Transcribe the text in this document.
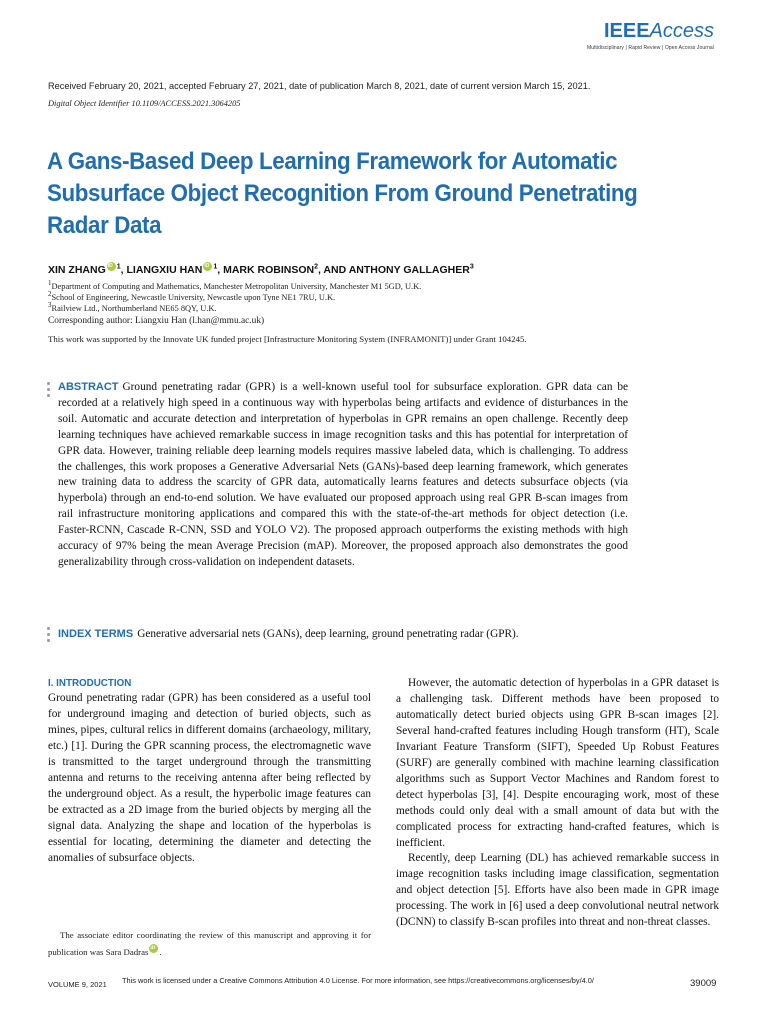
IEEEAccess
Multidisciplinary | Rapid Review | Open Access Journal
Received February 20, 2021, accepted February 27, 2021, date of publication March 8, 2021, date of current version March 15, 2021.
Digital Object Identifier 10.1109/ACCESS.2021.3064205
A Gans-Based Deep Learning Framework for Automatic Subsurface Object Recognition From Ground Penetrating Radar Data
XIN ZHANG iD $^1$, LIANGXIU HAN iD $^1$, MARK ROBINSON$^2$, AND ANTHONY GALLAGHER$^3$
$^1$Department of Computing and Mathematics, Manchester Metropolitan University, Manchester M1 5GD, U.K.
$^2$School of Engineering, Newcastle University, Newcastle upon Tyne NE1 7RU, U.K.
$^3$Railview Ltd., Northumberland NE65 8QY, U.K.
Corresponding author: Liangxiu Han (l.han@mmu.ac.uk)
This work was supported by the Innovate UK funded project [Infrastructure Monitoring System (INFRAMONIT)] under Grant 104245.
ABSTRACT Ground penetrating radar (GPR) is a well-known useful tool for subsurface exploration. GPR data can be recorded at a relatively high speed in a continuous way with hyperbolas being artifacts and evidence of disturbances in the soil. Automatic and accurate detection and interpretation of hyperbolas in GPR remains an open challenge. Recently deep learning techniques have achieved remarkable success in image recognition tasks and this has potential for interpretation of GPR data. However, training reliable deep learning models requires massive labeled data, which is challenging. To address the challenges, this work proposes a Generative Adversarial Nets (GANs)-based deep learning framework, which generates new training data to address the scarcity of GPR data, automatically learns features and detects subsurface objects (via hyperbola) through an end-to-end solution. We have evaluated our proposed approach using real GPR B-scan images from rail infrastructure monitoring applications and compared this with the state-of-the-art methods for object detection (i.e. Faster-RCNN, Cascade R-CNN, SSD and YOLO V2). The proposed approach outperforms the existing methods with high accuracy of 97% being the mean Average Precision (mAP). Moreover, the proposed approach also demonstrates the good generalizability through cross-validation on independent datasets.
INDEX TERMS Generative adversarial nets (GANs), deep learning, ground penetrating radar (GPR).
I. INTRODUCTION

Ground penetrating radar (GPR) has been considered as a useful tool for underground imaging and detection of buried objects, such as mines, pipes, cultural relics in different domains (archaeology, military, etc.) [1]. During the GPR scanning process, the electromagnetic wave is transmitted to the target underground through the transmitting antenna and returns to the receiving antenna after being reflected by the underground object. As a result, the hyperbolic image features can be extracted as a 2D image from the buried objects by merging all the signal data. Analyzing the shape and location of the hyperbolas is essential for locating, determining the diameter and detecting the anomalies of subsurface objects.

However, the automatic detection of hyperbolas in a GPR dataset is a challenging task. Different methods have been proposed to automatically detect buried objects using GPR B-scan images [2]. Several hand-crafted features including Hough transform (HT), Scale Invariant Feature Transform (SIFT), Speeded Up Robust Features (SURF) are generally combined with machine learning classification algorithms such as Support Vector Machines and Random forest to detect hyperbolas [3], [4]. Despite encouraging work, most of these methods could only deal with a small amount of data but with the complicated process for extracting hand-crafted features, which is inefficient.

Recently, deep Learning (DL) has achieved remarkable success in image recognition tasks including image classification, segmentation and object detection [5]. Efforts have also been made in GPR image processing. The work in [6] used a deep convolutional neutral network (DCNN) to classify B-scan profiles into threat and non-threat classes.

The associate editor coordinating the review of this manuscript and approving it for publication was Sara Dadras iD .
VOLUME 9, 2021 This work is licensed under a Creative Commons Attribution 4.0 License. For more information, see https://creativecommons.org/licenses/by/4.0/	39009
